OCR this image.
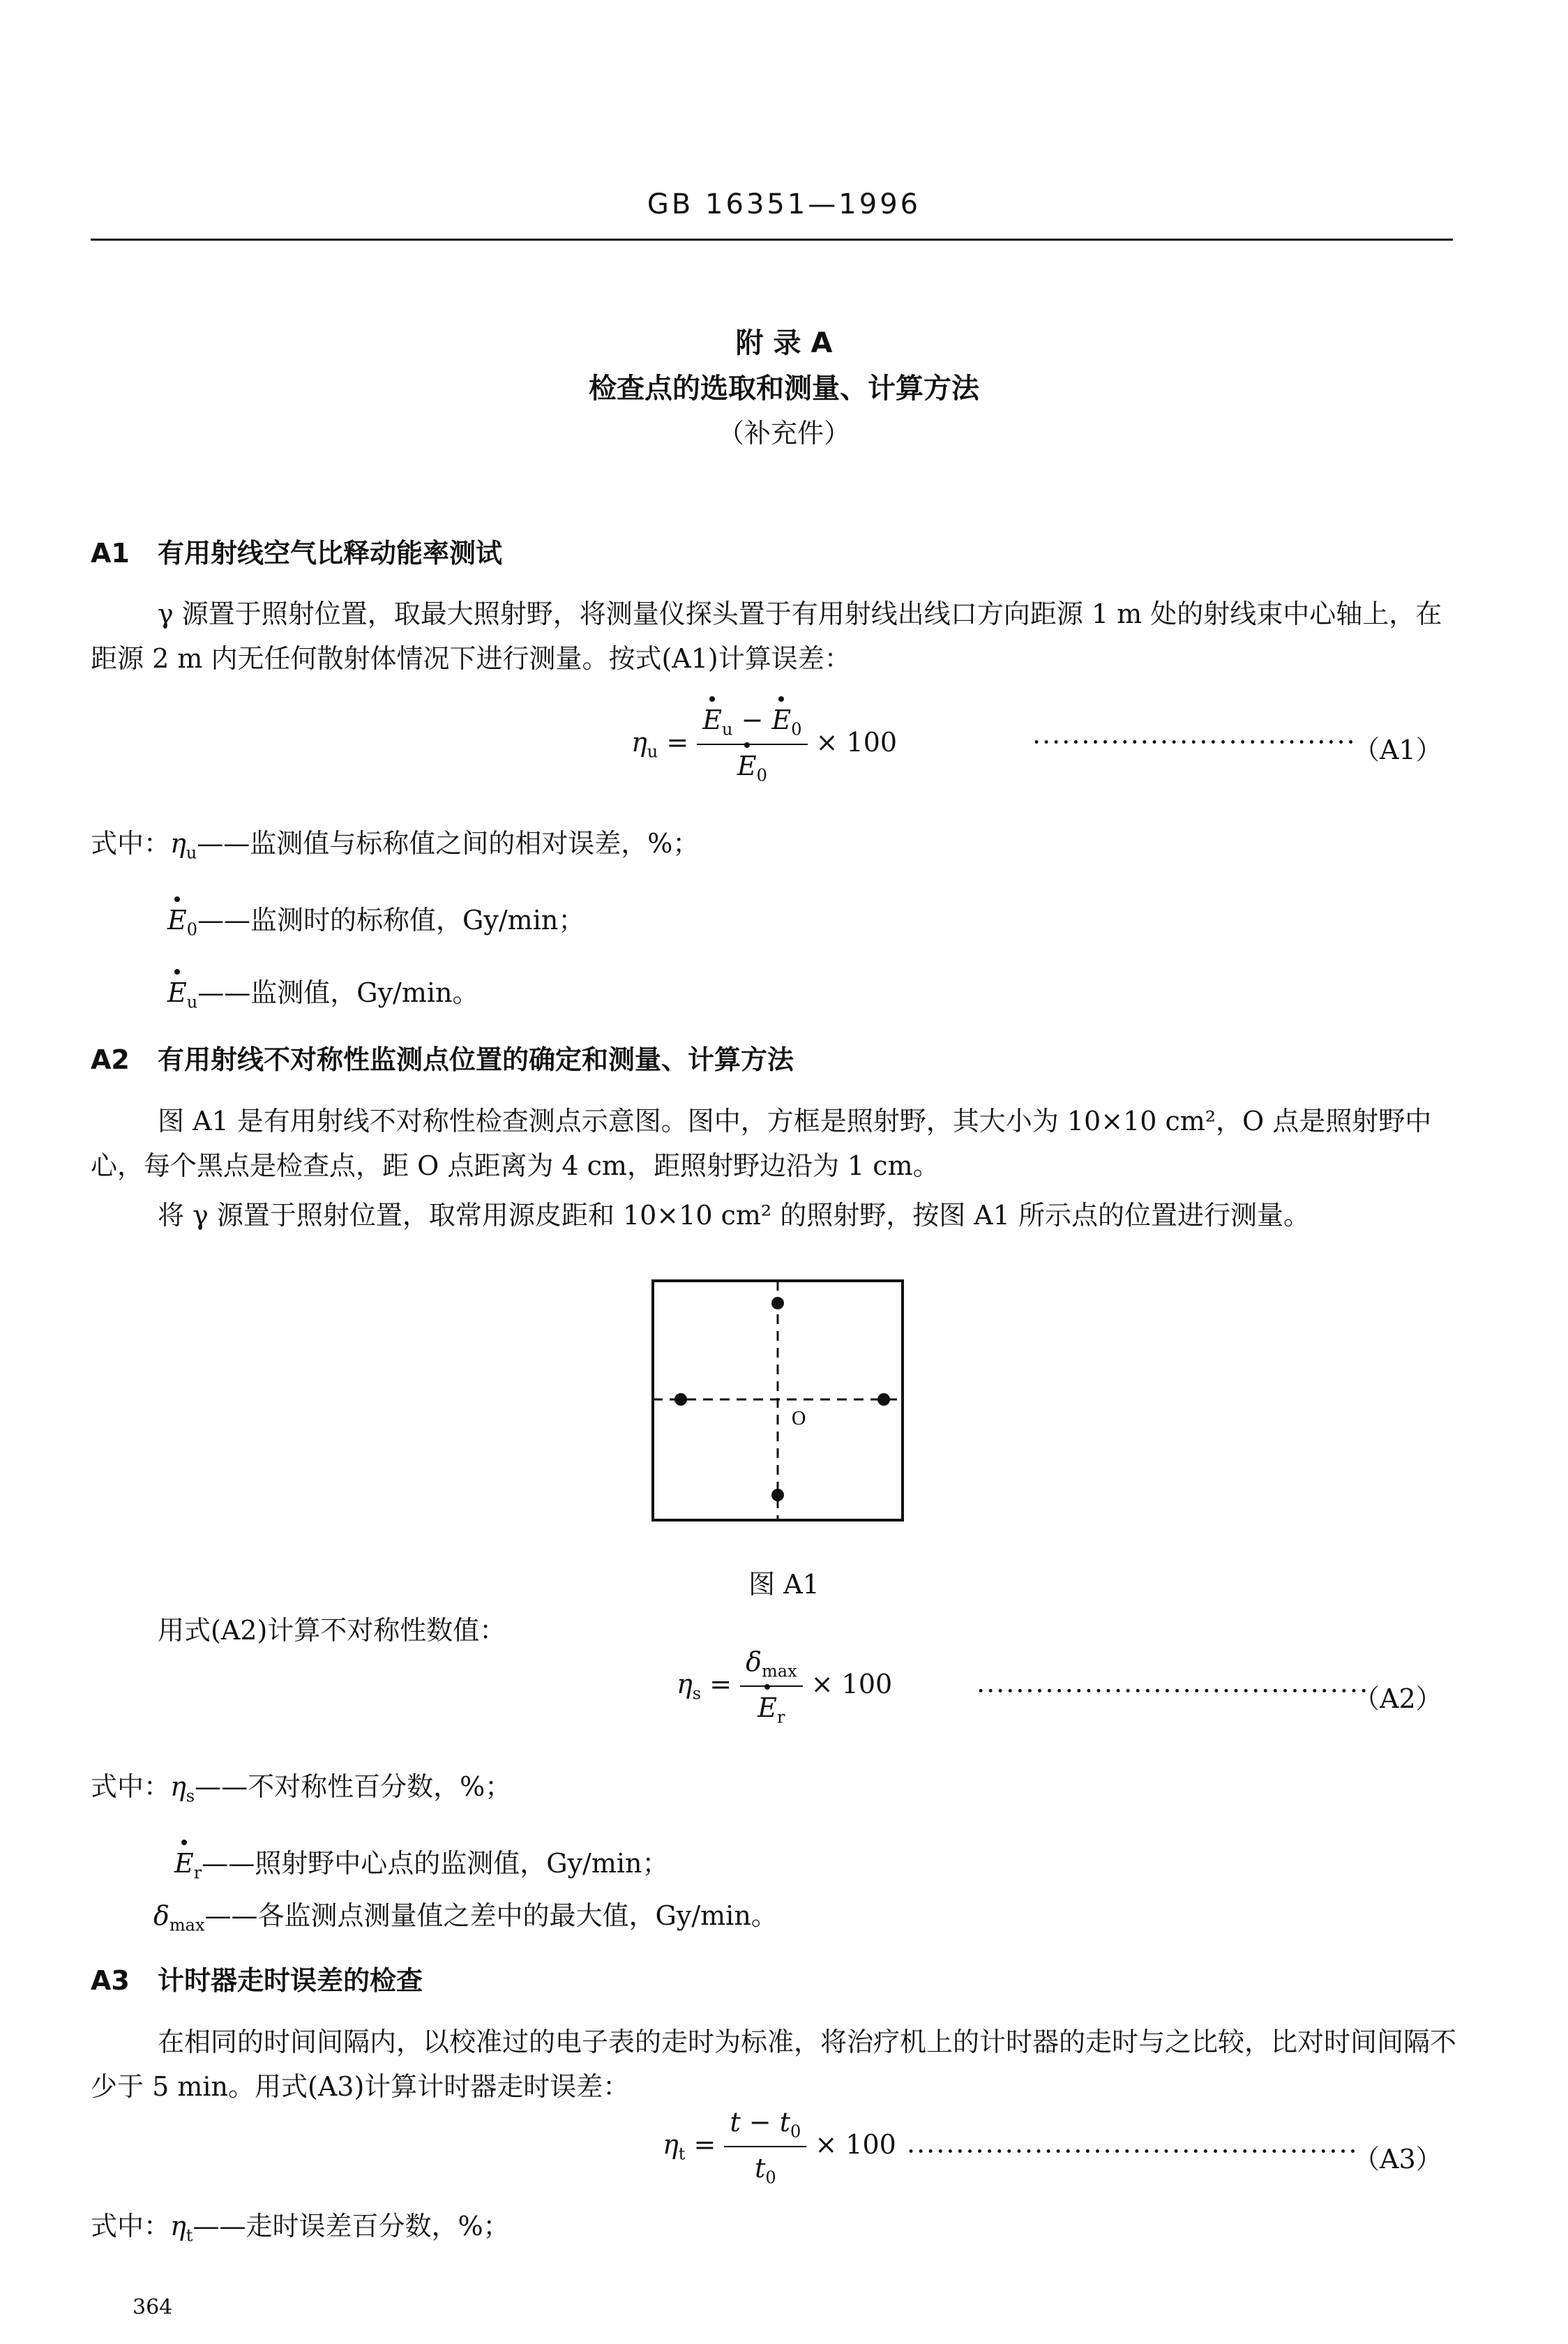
GB 16351—1996
附 录 A
检查点的选取和测量、计算方法
（补充件）
A1 有用射线空气比释动能率测试
γ 源置于照射位置，取最大照射野，将测量仪探头置于有用射线出线口方向距源 1 m 处的射线束中心轴上，在距源 2 m 内无任何散射体情况下进行测量。按式(A1)计算误差：
$\eta_u = \frac{E_u - E_0}{E_0} \times 100$	·································
（A1）
式中：$\eta_u——$监测值与标称值之间的相对误差，%；
$E_0——$监测时的标称值，Gy/min；
$E_u——$监测值，Gy/min。
A2 有用射线不对称性监测点位置的确定和测量、计算方法
图 A1 是有用射线不对称性检查测点示意图。图中，方框是照射野，其大小为 10×10 cm²，O 点是照射野中心，每个黑点是检查点，距 O 点距离为 4 cm，距照射野边沿为 1 cm。
将 γ 源置于照射位置，取常用源皮距和 10×10 cm² 的照射野，按图 A1 所示点的位置进行测量。
O
图 A1
用式(A2)计算不对称性数值：
$\eta_s = \frac{\delta_{max}}{E_r} \times 100$	········································
（A2）
式中：$\eta_s——$不对称性百分数，%；
$E_r——$照射野中心点的监测值，Gy/min；
$\delta_{max}——$各监测点测量值之差中的最大值，Gy/min。
A3 计时器走时误差的检查
在相同的时间间隔内，以校准过的电子表的走时为标准，将治疗机上的计时器的走时与之比较，比对时间间隔不少于 5 min。用式(A3)计算计时器走时误差：
$\eta_t = \frac{t - t_0}{t_0} \times 100$ ··············································
（A3）
式中：$\eta_t——$走时误差百分数，%；
364
